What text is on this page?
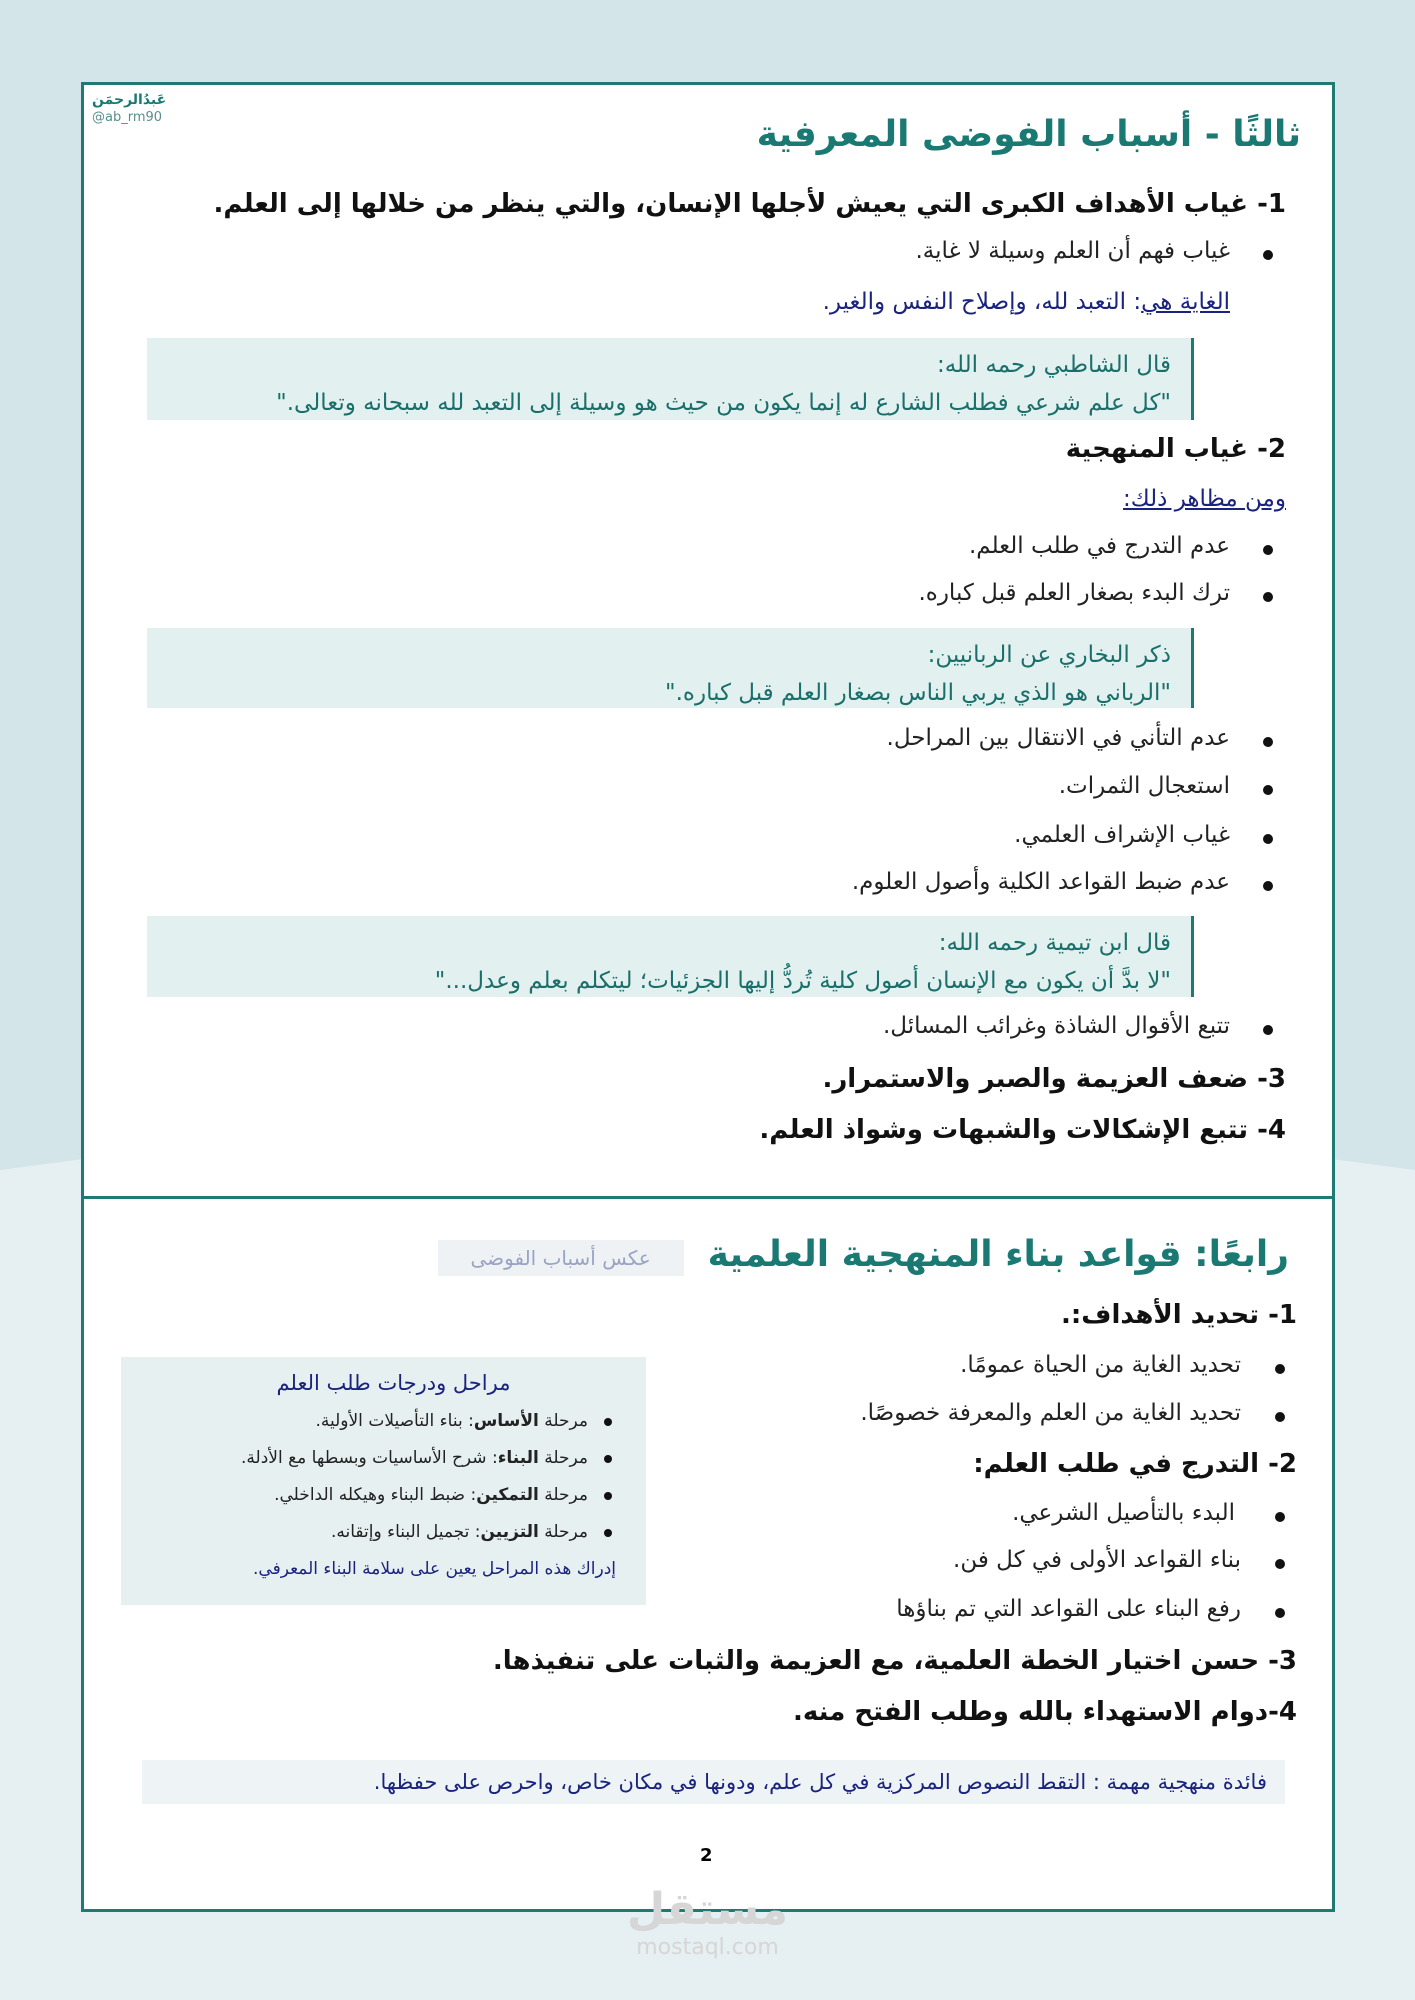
عَبدُالرحمَن
@ab_rm90	ثالثًا - أسباب الفوضى المعرفية
1- غياب الأهداف الكبرى التي يعيش لأجلها الإنسان، والتي ينظر من خلالها إلى العلم.
غياب فهم أن العلم وسيلة لا غاية.
الغاية هي: التعبد لله، وإصلاح النفس والغير.
قال الشاطبي رحمه الله:
"كل علم شرعي فطلب الشارع له إنما يكون من حيث هو وسيلة إلى التعبد لله سبحانه وتعالى."
2- غياب المنهجية
ومن مظاهر ذلك:
عدم التدرج في طلب العلم.
ترك البدء بصغار العلم قبل كباره.
ذكر البخاري عن الربانيين:
"الرباني هو الذي يربي الناس بصغار العلم قبل كباره."
عدم التأني في الانتقال بين المراحل.
استعجال الثمرات.
غياب الإشراف العلمي.
عدم ضبط القواعد الكلية وأصول العلوم.
قال ابن تيمية رحمه الله:
"لا بدَّ أن يكون مع الإنسان أصول كلية تُردُّ إليها الجزئيات؛ ليتكلم بعلم وعدل..."
تتبع الأقوال الشاذة وغرائب المسائل.
3- ضعف العزيمة والصبر والاستمرار.
4- تتبع الإشكالات والشبهات وشواذ العلم.
رابعًا: قواعد بناء المنهجية العلمية
عكس أسباب الفوضى
1- تحديد الأهداف:.
تحديد الغاية من الحياة عمومًا.
تحديد الغاية من العلم والمعرفة خصوصًا.
2- التدرج في طلب العلم:
البدء بالتأصيل الشرعي.
بناء القواعد الأولى في كل فن.
رفع البناء على القواعد التي تم بناؤها
مراحل ودرجات طلب العلم
مرحلة الأساس: بناء التأصيلات الأولية.
مرحلة البناء: شرح الأساسيات وبسطها مع الأدلة.
مرحلة التمكين: ضبط البناء وهيكله الداخلي.
مرحلة التزيين: تجميل البناء وإتقانه.
إدراك هذه المراحل يعين على سلامة البناء المعرفي.
3- حسن اختيار الخطة العلمية، مع العزيمة والثبات على تنفيذها.
4-دوام الاستهداء بالله وطلب الفتح منه.
فائدة منهجية مهمة : التقط النصوص المركزية في كل علم، ودونها في مكان خاص، واحرص على حفظها.
2
مستقل
mostaql.com
